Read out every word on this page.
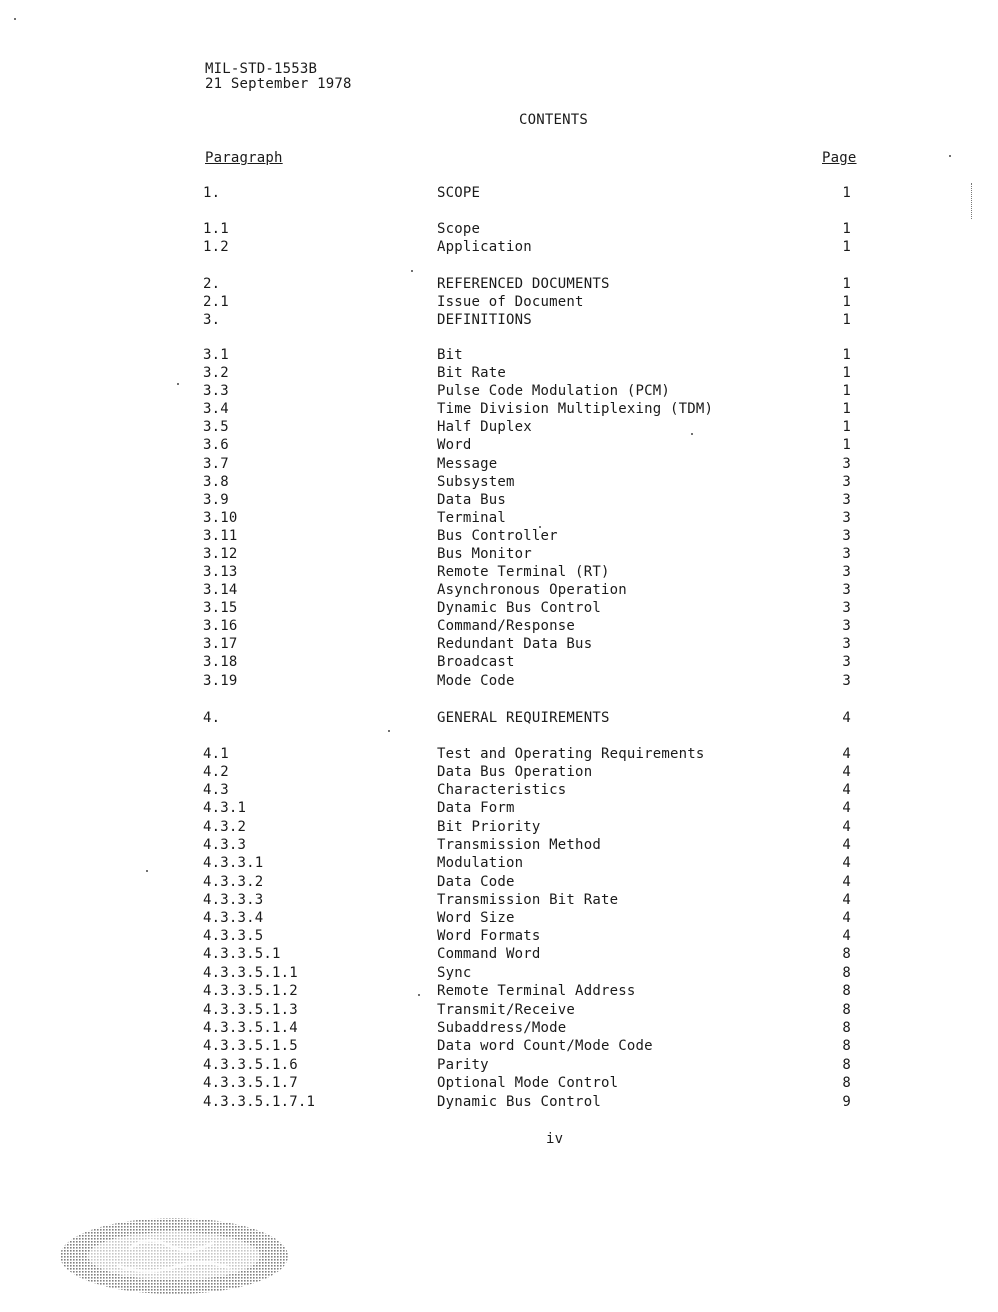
MIL-STD-1553B
21 September 1978
CONTENTS
Paragraph	Page
1.	SCOPE	1
1.1	Scope	1
1.2	Application	1
2.	REFERENCED DOCUMENTS	1
2.1	Issue of Document	1
3.	DEFINITIONS	1
3.1	Bit	1
3.2	Bit Rate	1
3.3	Pulse Code Modulation (PCM)	1
3.4	Time Division Multiplexing (TDM)	1
3.5	Half Duplex	1
3.6	Word	1
3.7	Message	3
3.8	Subsystem	3
3.9	Data Bus	3
3.10	Terminal	3
3.11	Bus Controller	3
3.12	Bus Monitor	3
3.13	Remote Terminal (RT)	3
3.14	Asynchronous Operation	3
3.15	Dynamic Bus Control	3
3.16	Command/Response	3
3.17	Redundant Data Bus	3
3.18	Broadcast	3
3.19	Mode Code	3
4.	GENERAL REQUIREMENTS	4
4.1	Test and Operating Requirements	4
4.2	Data Bus Operation	4
4.3	Characteristics	4
4.3.1	Data Form	4
4.3.2	Bit Priority	4
4.3.3	Transmission Method	4
4.3.3.1	Modulation	4
4.3.3.2	Data Code	4
4.3.3.3	Transmission Bit Rate	4
4.3.3.4	Word Size	4
4.3.3.5	Word Formats	4
4.3.3.5.1	Command Word	8
4.3.3.5.1.1	Sync	8
4.3.3.5.1.2	Remote Terminal Address	8
4.3.3.5.1.3	Transmit/Receive	8
4.3.3.5.1.4	Subaddress/Mode	8
4.3.3.5.1.5	Data word Count/Mode Code	8
4.3.3.5.1.6	Parity	8
4.3.3.5.1.7	Optional Mode Control	8
4.3.3.5.1.7.1	Dynamic Bus Control	9
iv
